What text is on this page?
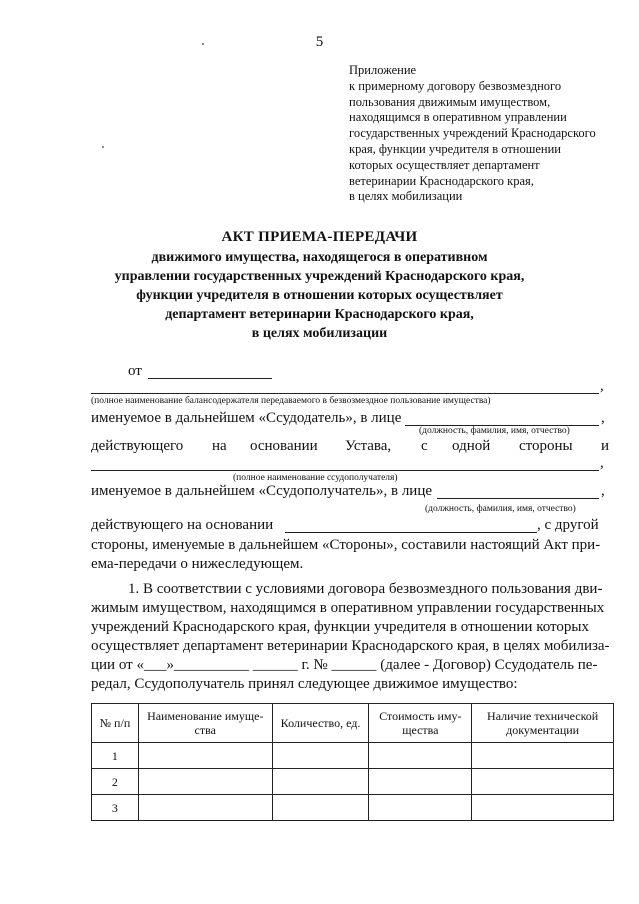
5
Приложение
к примерному договору безвозмездного
пользования движимым имуществом,
находящимся в оперативном управлении
государственных учреждений Краснодарского
края, функции учредителя в отношении
которых осуществляет департамент
ветеринарии Краснодарского края,
в целях мобилизации
АКТ ПРИЕМА-ПЕРЕДАЧИ
движимого имущества, находящегося в оперативном
управлении государственных учреждений Краснодарского края,
функции учредителя в отношении которых осуществляет
департамент ветеринарии Краснодарского края,
в целях мобилизации
от
,
(полное наименование балансодержателя передаваемого в безвозмездное пользование имущества)
именуемое в дальнейшем «Ссудодатель», в лице	,
(должность, фамилия, имя, отчество)
действующего на основании Устава, с одной стороны и
,
(полное наименование ссудополучателя)
именуемое в дальнейшем «Ссудополучатель», в лице	,
(должность, фамилия, имя, отчество)
действующего на основании	, с другой
стороны, именуемые в дальнейшем «Стороны», составили настоящий Акт при-
ема-передачи о нижеследующем.
1. В соответствии с условиями договора безвозмездного пользования дви-
жимым имуществом, находящимся в оперативном управлении государственных
учреждений Краснодарского края, функции учредителя в отношении которых
осуществляет департамент ветеринарии Краснодарского края, в целях мобилиза-
ции от «___»__________ ______ г. № ______ (далее - Договор) Ссудодатель пе-
редал, Ссудополучатель принял следующее движимое имущество:
№ п/п	Наименование имуще-ства	Количество, ед.	Стоимость иму-щества	Наличие технической документации
1				
2				
3				
